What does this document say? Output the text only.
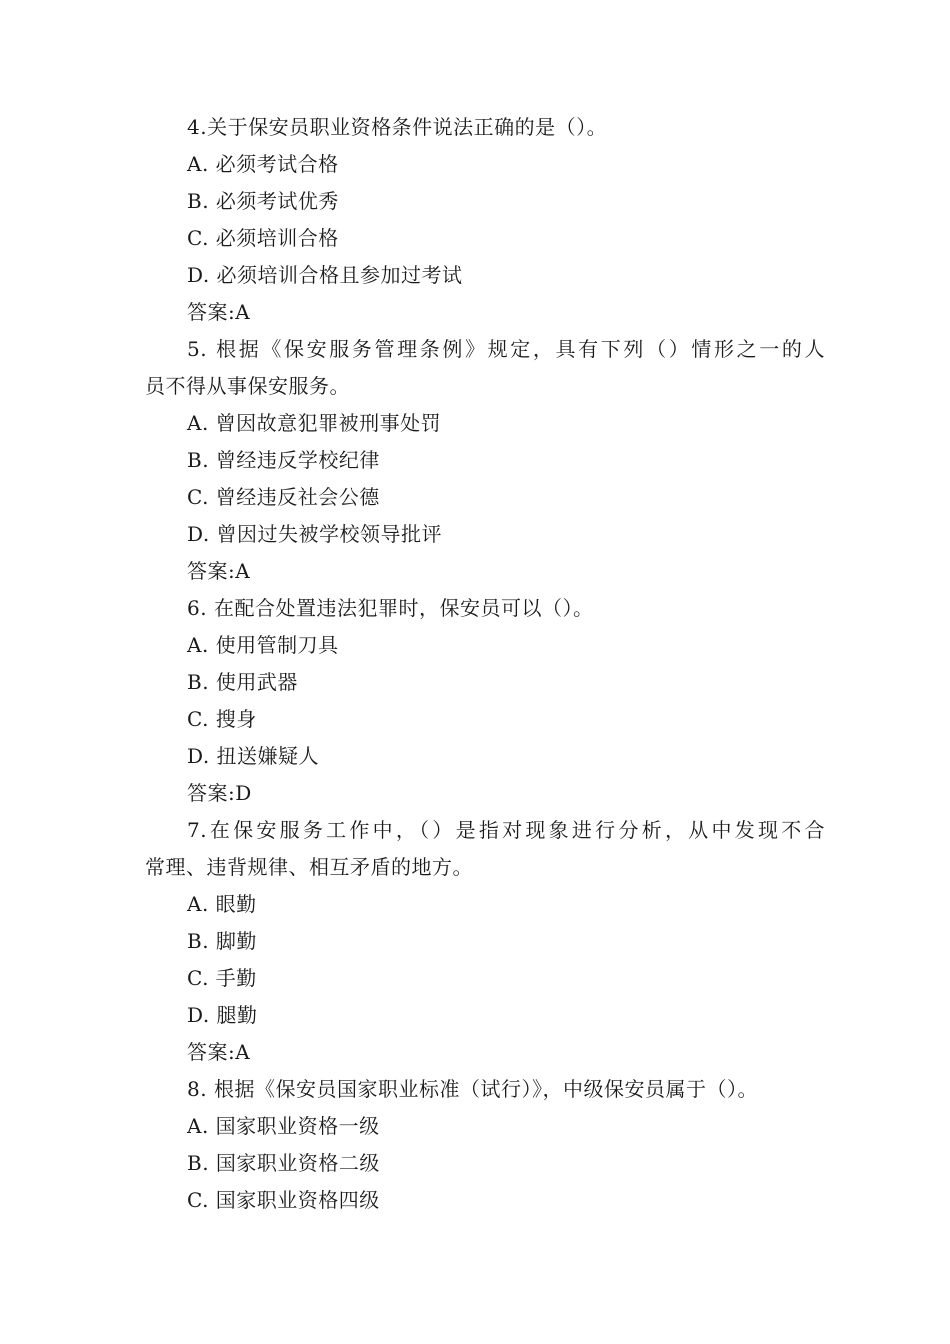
4.关于保安员职业资格条件说法正确的是（）。
A. 必须考试合格
B. 必须考试优秀
C. 必须培训合格
D. 必须培训合格且参加过考试
答案:A
5. 根据《保安服务管理条例》规定，具有下列（）情形之一的人
员不得从事保安服务。
A. 曾因故意犯罪被刑事处罚
B. 曾经违反学校纪律
C. 曾经违反社会公德
D. 曾因过失被学校领导批评
答案:A
6. 在配合处置违法犯罪时，保安员可以（）。
A. 使用管制刀具
B. 使用武器
C. 搜身
D. 扭送嫌疑人
答案:D
7.在保安服务工作中，（）是指对现象进行分析，从中发现不合
常理、违背规律、相互矛盾的地方。
A. 眼勤
B. 脚勤
C. 手勤
D. 腿勤
答案:A
8. 根据《保安员国家职业标准（试行）》，中级保安员属于（）。
A. 国家职业资格一级
B. 国家职业资格二级
C. 国家职业资格四级
